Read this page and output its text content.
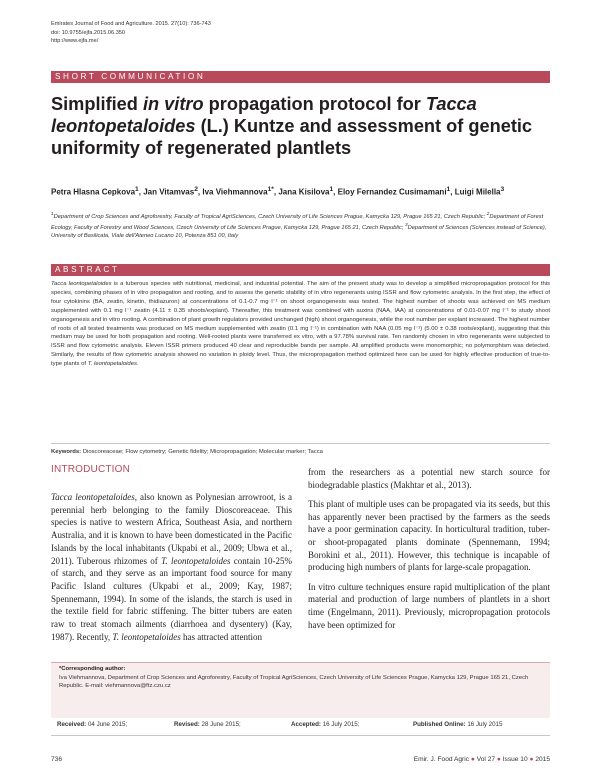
Emirates Journal of Food and Agriculture. 2015. 27(10): 736-743
doi: 10.9755/ejfa.2015.06.350
http://www.ejfa.me/
SHORT COMMUNICATION
Simplified in vitro propagation protocol for Tacca leontopetaloides (L.) Kuntze and assessment of genetic uniformity of regenerated plantlets
Petra Hlasna Cepkova$^1$, Jan Vitamvas$^2$, Iva Viehmannova$^{1*}$, Jana Kisilova$^1$, Eloy Fernandez Cusimamani$^1$, Luigi Milella$^3$
$^1$Department of Crop Sciences and Agroforestry, Faculty of Tropical AgriSciences, Czech University of Life Sciences Prague, Kamycka 129, Prague 165 21, Czech Republic; $^2$Department of Forest Ecology, Faculty of Forestry and Wood Sciences, Czech University of Life Sciences Prague, Kamycka 129, Prague 165 21, Czech Republic; $^3$Department of Sciences (Sciences instead of Science), University of Basilicata, Viale dell'Ateneo Lucano 10, Potenza 851 00, Italy
ABSTRACT
Tacca leontopetaloides is a tuberous species with nutritional, medicinal, and industrial potential. The aim of the present study was to develop a simplified micropropagation protocol for this species, combining phases of in vitro propagation and rooting, and to assess the genetic stability of in vitro regenerants using ISSR and flow cytometric analysis. In the first step, the effect of four cytokinins (BA, zeatin, kinetin, thidiazuron) at concentrations of 0.1-0.7 mg l⁻¹ on shoot organogenesis was tested. The highest number of shoots was achieved on MS medium supplemented with 0.1 mg l⁻¹ zeatin (4.11 ± 0.35 shoots/explant). Thereafter, this treatment was combined with auxins (NAA, IAA) at concentrations of 0.01-0.07 mg l⁻¹ to study shoot organogenesis and in vitro rooting. A combination of plant growth regulators provided unchanged (high) shoot organogenesis, while the root number per explant increased. The highest number of roots of all tested treatments was produced on MS medium supplemented with zeatin (0.1 mg l⁻¹) in combination with NAA (0.05 mg l⁻¹) (5.00 ± 0.38 roots/explant), suggesting that this medium may be used for both propagation and rooting. Well-rooted plants were transferred ex vitro, with a 97.78% survival rate. Ten randomly chosen in vitro regenerants were subjected to ISSR and flow cytometric analysis. Eleven ISSR primers produced 40 clear and reproducible bands per sample. All amplified products were monomorphic; no polymorphism was detected. Similarly, the results of flow cytometric analysis showed no variation in ploidy level. Thus, the micropropagation method optimized here can be used for highly effective production of true-to-type plants of T. leontopetaloides.
Keywords: Dioscoreaceae; Flow cytometry; Genetic fidelity; Micropropagation; Molecular marker; Tacca
INTRODUCTION

Tacca leontopetaloides, also known as Polynesian arrowroot, is a perennial herb belonging to the family Dioscoreaceae. This species is native to western Africa, Southeast Asia, and northern Australia, and it is known to have been domesticated in the Pacific Islands by the local inhabitants (Ukpabi et al., 2009; Ubwa et al., 2011). Tuberous rhizomes of T. leontopetaloides contain 10-25% of starch, and they serve as an important food source for many Pacific Island cultures (Ukpabi et al., 2009; Kay, 1987; Spennemann, 1994). In some of the islands, the starch is used in the textile field for fabric stiffening. The bitter tubers are eaten raw to treat stomach ailments (diarrhoea and dysentery) (Kay, 1987). Recently, T. leontopetaloides has attracted attention

from the researchers as a potential new starch source for biodegradable plastics (Makhtar et al., 2013).

This plant of multiple uses can be propagated via its seeds, but this has apparently never been practised by the farmers as the seeds have a poor germination capacity. In horticultural tradition, tuber- or shoot-propagated plants dominate (Spennemann, 1994; Borokini et al., 2011). However, this technique is incapable of producing high numbers of plants for large-scale propagation.

In vitro culture techniques ensure rapid multiplication of the plant material and production of large numbers of plantlets in a short time (Engelmann, 2011). Previously, micropropagation protocols have been optimized for

*Corresponding author:
Iva Viehmannova, Department of Crop Sciences and Agroforestry, Faculty of Tropical AgriSciences, Czech University of Life Sciences Prague, Kamycka 129, Prague 165 21, Czech Republic. E-mail: viehmannova@ftz.czu.cz
Received: 04 June 2015;	Revised: 28 June 2015;	Accepted: 16 July 2015;	Published Online: 16 July 2015
736	Emir. J. Food Agric ● Vol 27 ● Issue 10 ● 2015
